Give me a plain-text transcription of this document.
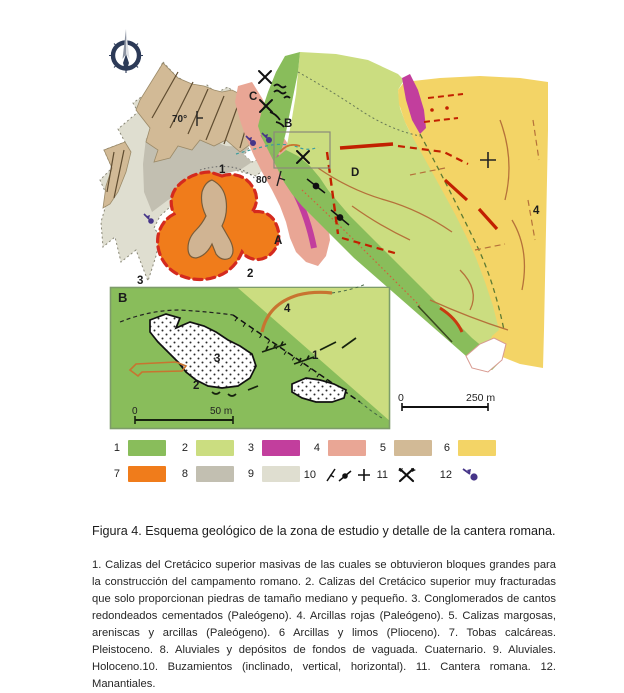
70°
80°
1
2
3
4
A
B
C
D
N
0	250 m
B
1
2
3
4
0	50 m
1	2	3	4	5	6
7	8	9	10	11	12

Figura 4. Esquema geológico de la zona de estudio y detalle de la cantera romana.

1. Calizas del Cretácico superior masivas de las cuales se obtuvieron bloques grandes para la construcción del campamento romano. 2. Calizas del Cretácico superior muy fracturadas que solo proporcionan piedras de tamaño mediano y pequeño. 3. Conglomerados de cantos redondeados cementados (Paleógeno). 4. Arcillas rojas (Paleógeno). 5. Calizas margosas, areniscas y arcillas (Paleógeno). 6 Arcillas y limos (Plioceno). 7. Tobas calcáreas. Pleistoceno. 8. Aluviales y depósitos de fondos de vaguada. Cuaternario. 9. Aluviales. Holoceno.10. Buzamientos (inclinado, vertical, horizontal). 11. Cantera romana. 12. Manantiales.
